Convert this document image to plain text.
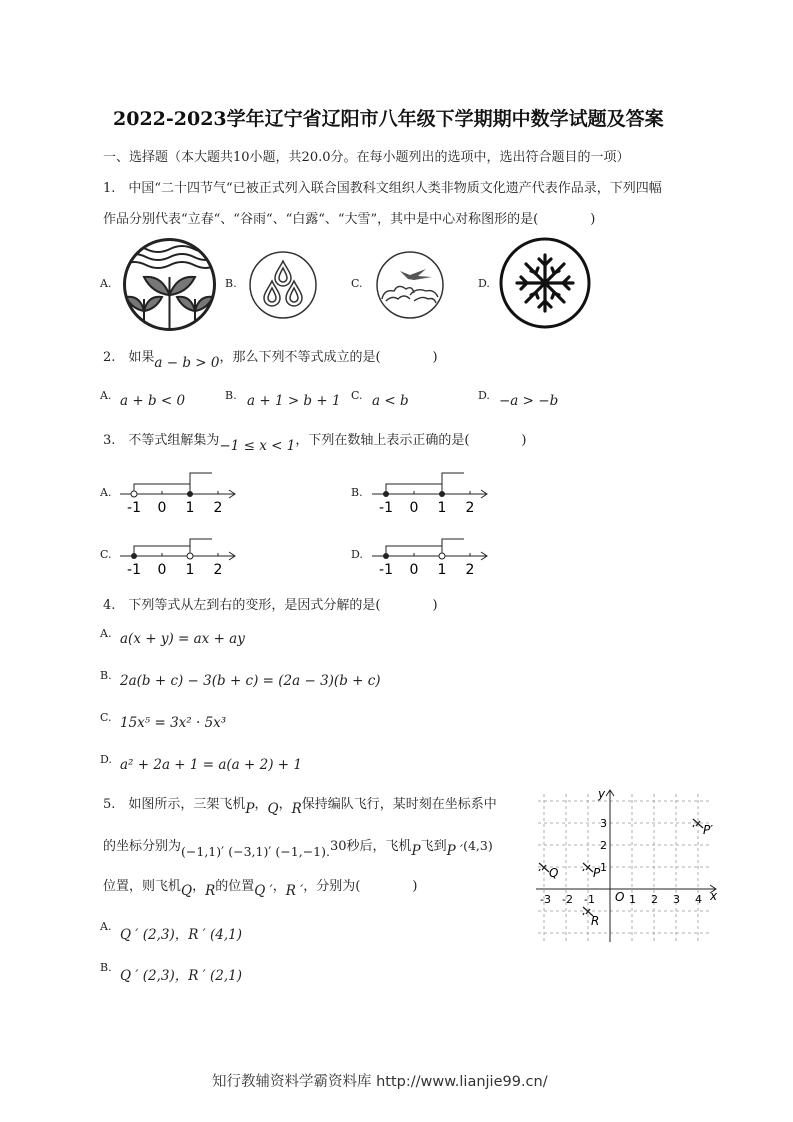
2022-2023学年辽宁省辽阳市八年级下学期期中数学试题及答案
一、选择题（本大题共10小题，共20.0分。在每小题列出的选项中，选出符合题目的一项）
1.　中国“二十四节气“已被正式列入联合国教科文组织人类非物质文化遗产代表作品录，下列四幅
作品分别代表“立春“、“谷雨“、“白露“、“大雪”，其中是中心对称图形的是(　　　　)
A.	B.	C.	D.
2.　如果a − b > 0，那么下列不等式成立的是(　　　　)
A. a + b < 0	B. a + 1 > b + 1 C. a < b	D. −a > −b
3.　不等式组解集为−1 ≤ x < 1，下列在数轴上表示正确的是(　　　　)
A.	B.
C.	D.
-1 0 1 2	-1 0 1 2
-1 0 1 2	-1 0 1 2
4.　下列等式从左到右的变形，是因式分解的是(　　　　)
A. a(x + y) = ax + ay
B. 2a(b + c) − 3(b + c) = (2a − 3)(b + c)
C. 15x⁵ = 3x² · 5x³
D. a² + 2a + 1 = a(a + 2) + 1
5.　如图所示，三架飞机P，Q，R保持编队飞行，某时刻在坐标系中
的坐标分别为(−1,1)′ (−3,1)′ (−1,−1).30秒后，飞机P飞到P ′(4,3)
位置，则飞机Q，R的位置Q ′，R ′，分别为(　　　　)
A.
Q ′ (2,3)，R ′ (4,1)
B.
Q ′ (2,3)，R ′ (2,1)
y
x
O
-3 -2 -1	1 2 3 4
3
2
1
P′
Q	P
R
知行教辅资料学霸资料库 http://www.lianjie99.cn/
